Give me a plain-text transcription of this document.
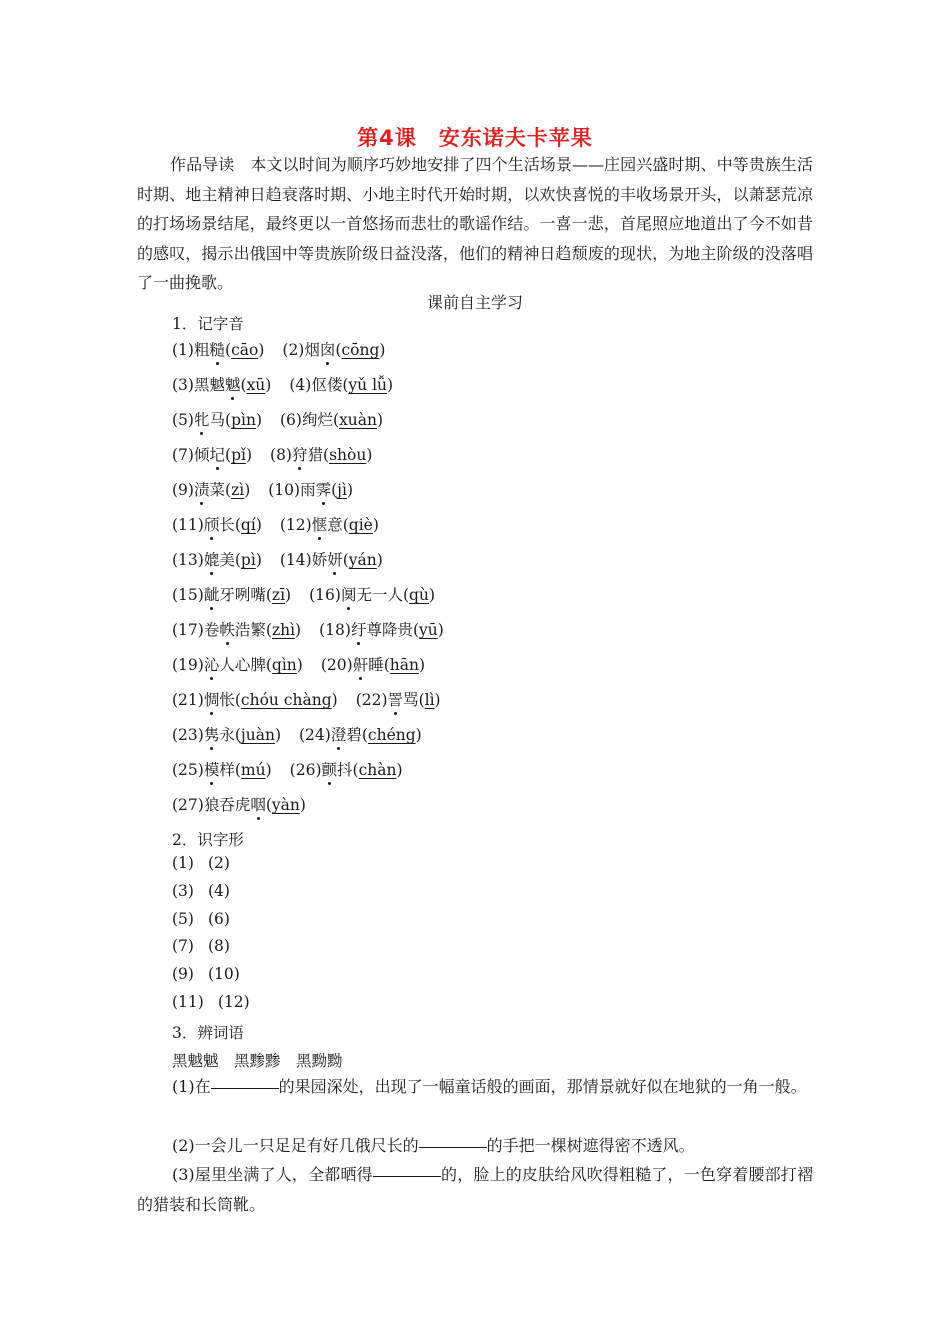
第4课　安东诺夫卡苹果
作品导读　本文以时间为顺序巧妙地安排了四个生活场景——庄园兴盛时期、中等贵族生活时期、地主精神日趋衰落时期、小地主时代开始时期，以欢快喜悦的丰收场景开头，以萧瑟荒凉的打场场景结尾，最终更以一首悠扬而悲壮的歌谣作结。一喜一悲，首尾照应地道出了今不如昔的感叹，揭示出俄国中等贵族阶级日益没落，他们的精神日趋颓废的现状，为地主阶级的没落唱了一曲挽歌。
课前自主学习
1．记字音
(1)粗糙(cāo) (2)烟囱(cōng)
(3)黑魆魆(xū) (4)伛偻(yǔ lǚ)
(5)牝马(pìn) (6)绚烂(xuàn)
(7)倾圮(pǐ) (8)狩猎(shòu)
(9)渍菜(zì) (10)雨霁(jì)
(11)颀长(qí) (12)惬意(qiè)
(13)媲美(pì) (14)娇妍(yán)
(15)龇牙咧嘴(zī) (16)阒无一人(qù)
(17)卷帙浩繁(zhì) (18)纡尊降贵(yū)
(19)沁人心脾(qìn) (20)鼾睡(hān)
(21)惆怅(chóu chàng) (22)詈骂(lì)
(23)隽永(juàn) (24)澄碧(chéng)
(25)模样(mú) (26)颤抖(chàn)
(27)狼吞虎咽(yàn)
2．识字形
(1) (2)
(3) (4)
(5) (6)
(7) (8)
(9) (10)
(11) (12)
3．辨词语
黑魆魆　黑黪黪　黑黝黝
(1)在	的果园深处，出现了一幅童话般的画面，那情景就好似在地狱的一角一般。
(2)一会儿一只足足有好几俄尺长的	的手把一棵树遮得密不透风。
(3)屋里坐满了人，全都晒得	的，脸上的皮肤给风吹得粗糙了，一色穿着腰部打褶的猎装和长筒靴。
